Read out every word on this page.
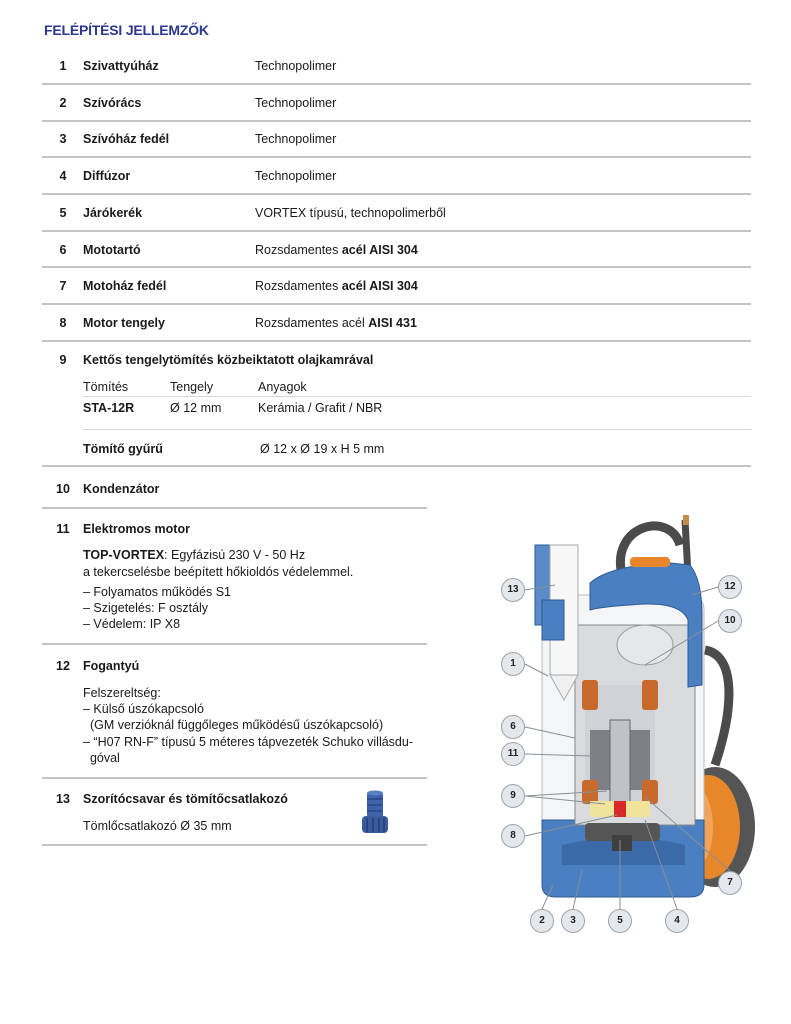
FELÉPÍTÉSI JELLEMZŐK
1 Szivattyúház	Technopolimer
2 Szívórács	Technopolimer
3 Szívóház fedél	Technopolimer
4 Diffúzor	Technopolimer
5 Járókerék	VORTEX típusú, technopolimerből
6 Mototartó	Rozsdamentes acél AISI 304
7 Motoház fedél	Rozsdamentes acél AISI 304
8 Motor tengely	Rozsdamentes acél AISI 431
9 Kettős tengelytömítés közbeiktatott olajkamrával
Tömítés	Tengely	Anyagok
STA-12R	Ø 12 mm	Kerámia / Grafit / NBR
Tömítő gyűrű	Ø 12 x Ø 19 x H 5 mm
10 Kondenzátor
11 Elektromos motor
TOP-VORTEX: Egyfázisú 230 V - 50 Hz
a tekercselésbe beépített hőkioldós védelemmel.
– Folyamatos működés S1
– Szigetelés: F osztály
– Védelem: IP X8
12 Fogantyú
Felszereltség:
– Külső úszókapcsoló
(GM verzióknál függőleges működésű úszókapcsoló)
– “H07 RN-F” típusú 5 méteres tápvezeték Schuko villásdu-
góval
13 Szorítócsavar és tömítőcsatlakozó
Tömlőcsatlakozó Ø 35 mm
13	12
10
1
6
11
9
8
7
2	3	5	4
